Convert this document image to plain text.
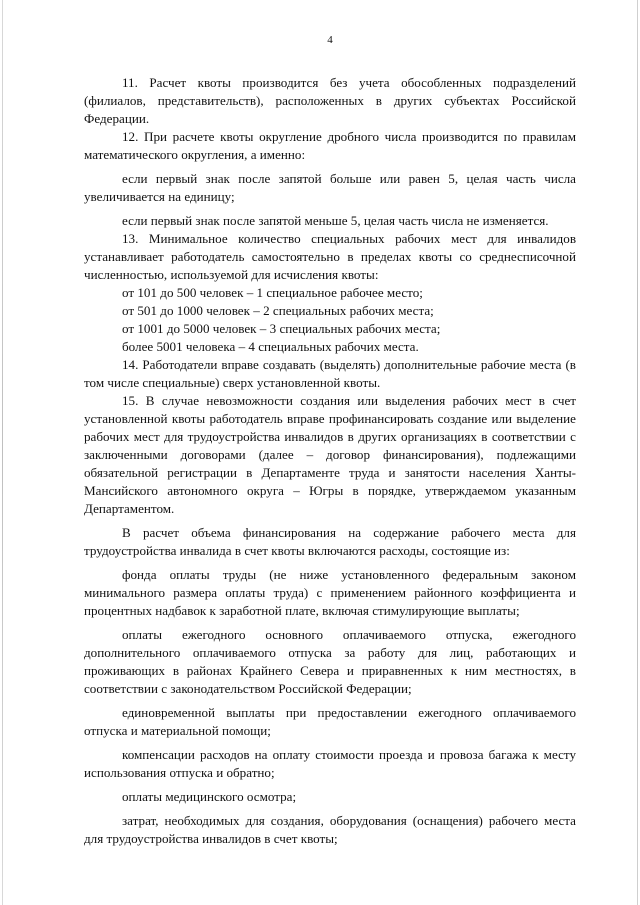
4

11. Расчет квоты производится без учета обособленных подразделений (филиалов, представительств), расположенных в других субъектах Российской Федерации.

12. При расчете квоты округление дробного числа производится по правилам математического округления, а именно:

если первый знак после запятой больше или равен 5, целая часть числа увеличивается на единицу;

если первый знак после запятой меньше 5, целая часть числа не изменяется.

13. Минимальное количество специальных рабочих мест для инвалидов устанавливает работодатель самостоятельно в пределах квоты со среднесписочной численностью, используемой для исчисления квоты:

от 101 до 500 человек – 1 специальное рабочее место;

от 501 до 1000 человек – 2 специальных рабочих места;

от 1001 до 5000 человек – 3 специальных рабочих места;

более 5001 человека – 4 специальных рабочих места.

14. Работодатели вправе создавать (выделять) дополнительные рабочие места (в том числе специальные) сверх установленной квоты.

15. В случае невозможности создания или выделения рабочих мест в счет установленной квоты работодатель вправе профинансировать создание или выделение рабочих мест для трудоустройства инвалидов в других организациях в соответствии с заключенными договорами (далее – договор финансирования), подлежащими обязательной регистрации в Департаменте труда и занятости населения Ханты-Мансийского автономного округа – Югры в порядке, утверждаемом указанным Департаментом.

В расчет объема финансирования на содержание рабочего места для трудоустройства инвалида в счет квоты включаются расходы, состоящие из:

фонда оплаты труды (не ниже установленного федеральным законом минимального размера оплаты труда) с применением районного коэффициента и процентных надбавок к заработной плате, включая стимулирующие выплаты;

оплаты ежегодного основного оплачиваемого отпуска, ежегодного дополнительного оплачиваемого отпуска за работу для лиц, работающих и проживающих в районах Крайнего Севера и приравненных к ним местностях, в соответствии с законодательством Российской Федерации;

единовременной выплаты при предоставлении ежегодного оплачиваемого отпуска и материальной помощи;

компенсации расходов на оплату стоимости проезда и провоза багажа к месту использования отпуска и обратно;

оплаты медицинского осмотра;

затрат, необходимых для создания, оборудования (оснащения) рабочего места для трудоустройства инвалидов в счет квоты;
